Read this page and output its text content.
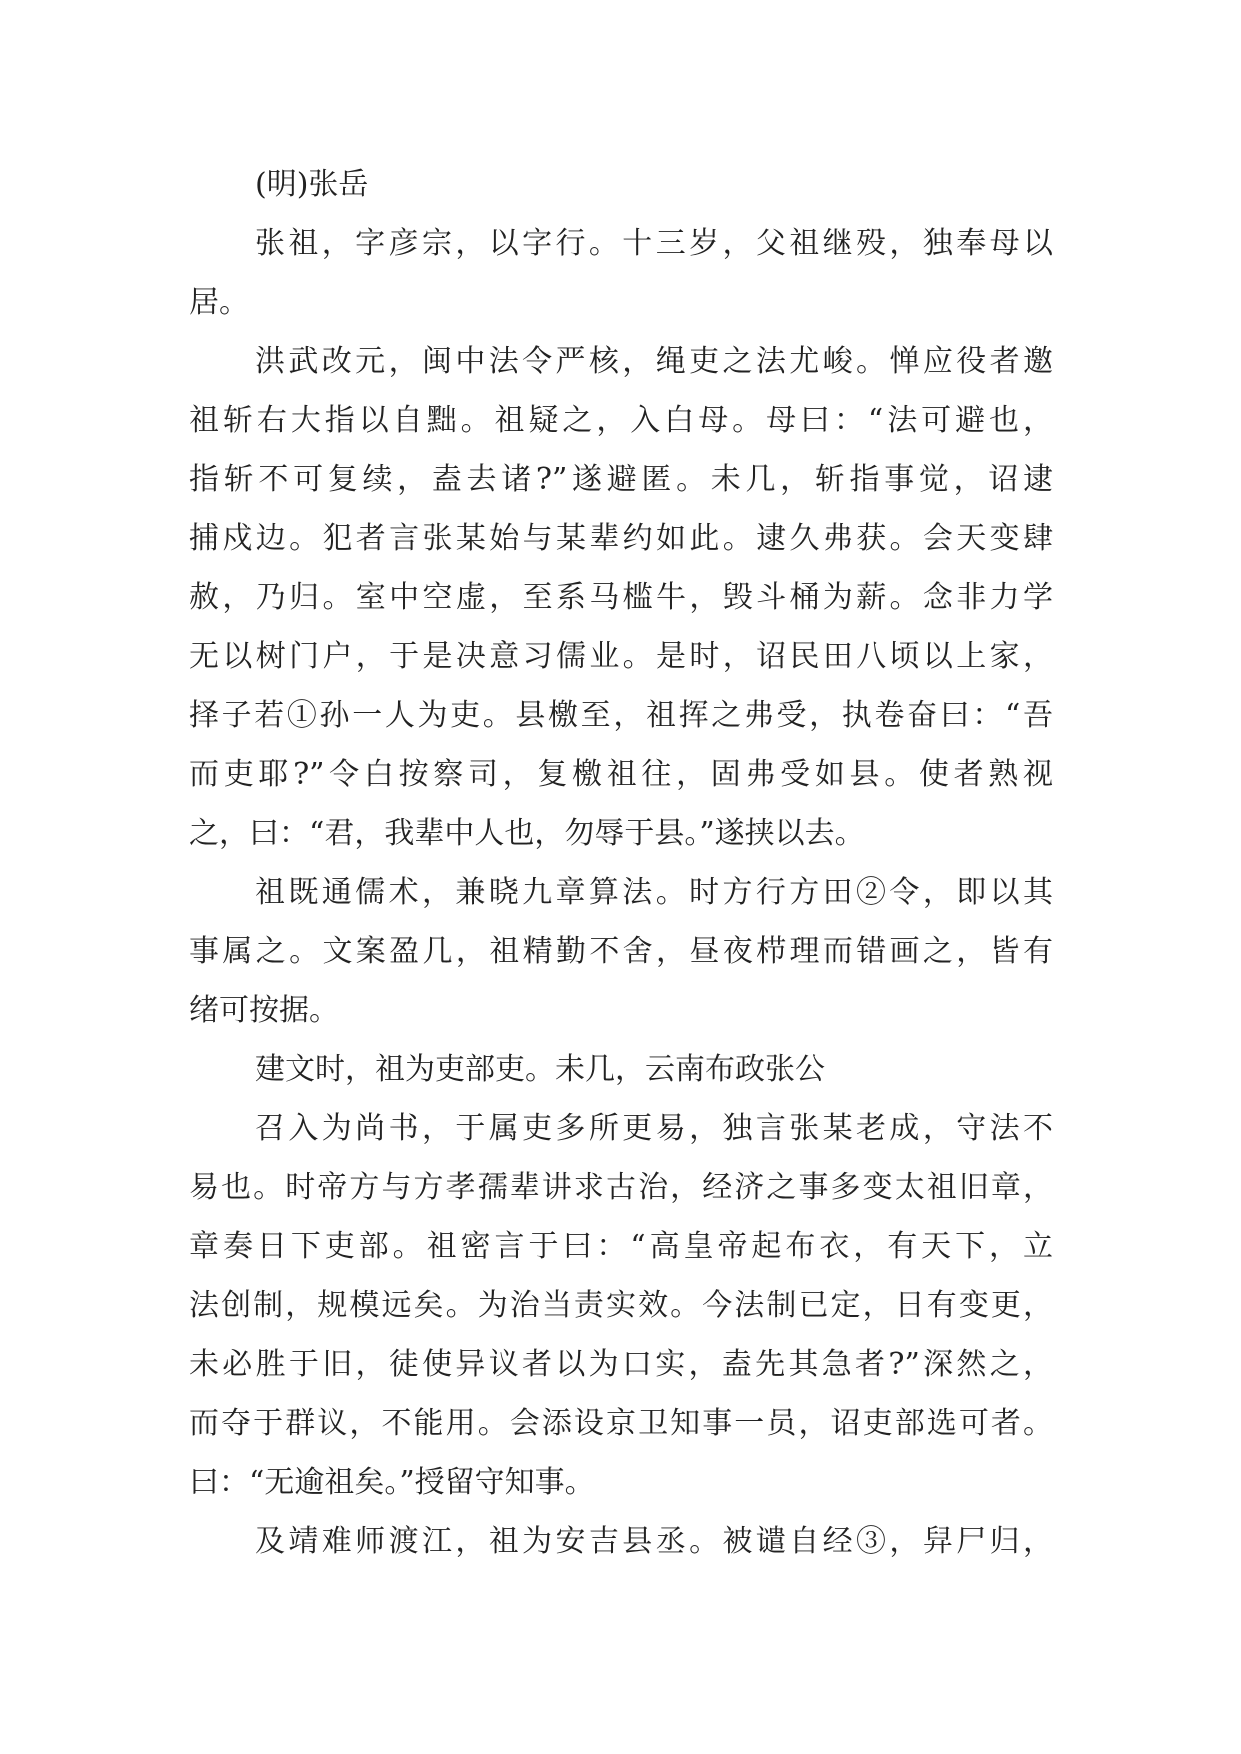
(明)张岳
张祖，字彦宗，以字行。十三岁，父祖继殁，独奉母以
居。
洪武改元，闽中法令严核，绳吏之法尤峻。惮应役者邀
祖斩右大指以自黜。祖疑之，入白母。母曰：“法可避也，
指斩不可复续，盍去诸?”遂避匿。未几，斩指事觉，诏逮
捕戍边。犯者言张某始与某辈约如此。逮久弗获。会天变肆
赦，乃归。室中空虚，至系马槛牛，毁斗桶为薪。念非力学
无以树门户，于是决意习儒业。是时，诏民田八顷以上家，
择子若①孙一人为吏。县檄至，祖挥之弗受，执卷奋曰：“吾
而吏耶?”令白按察司，复檄祖往，固弗受如县。使者熟视
之，曰：“君，我辈中人也，勿辱于县。”遂挟以去。
祖既通儒术，兼晓九章算法。时方行方田②令，即以其
事属之。文案盈几，祖精勤不舍，昼夜栉理而错画之，皆有
绪可按据。
建文时，祖为吏部吏。未几，云南布政张公
召入为尚书，于属吏多所更易，独言张某老成，守法不
易也。时帝方与方孝孺辈讲求古治，经济之事多变太祖旧章，
章奏日下吏部。祖密言于曰：“高皇帝起布衣，有天下，立
法创制，规模远矣。为治当责实效。今法制已定，日有变更，
未必胜于旧，徒使异议者以为口实，盍先其急者?”深然之，
而夺于群议，不能用。会添设京卫知事一员，诏吏部选可者。
曰：“无逾祖矣。”授留守知事。
及靖难师渡江，祖为安吉县丞。被谴自经③，舁尸归，
